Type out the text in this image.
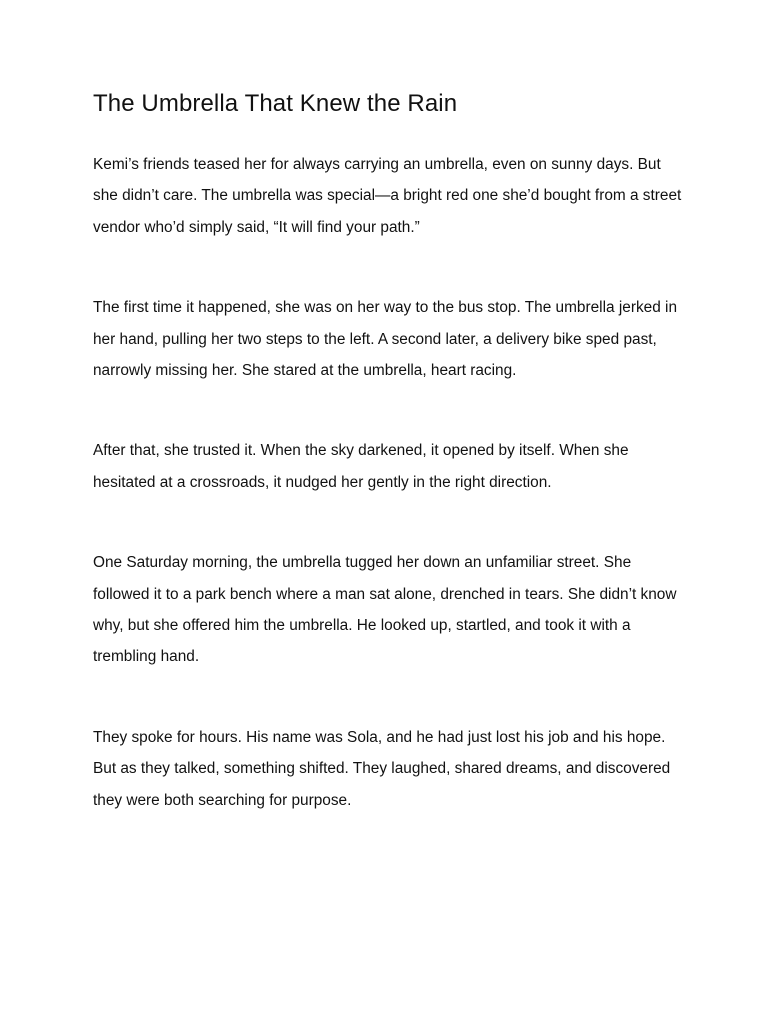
The Umbrella That Knew the Rain

Kemi’s friends teased her for always carrying an umbrella, even on sunny days. But she didn’t care. The umbrella was special—a bright red one she’d bought from a street vendor who’d simply said, “It will find your path.”

The first time it happened, she was on her way to the bus stop. The umbrella jerked in her hand, pulling her two steps to the left. A second later, a delivery bike sped past, narrowly missing her. She stared at the umbrella, heart racing.

After that, she trusted it. When the sky darkened, it opened by itself. When she hesitated at a crossroads, it nudged her gently in the right direction.

One Saturday morning, the umbrella tugged her down an unfamiliar street. She followed it to a park bench where a man sat alone, drenched in tears. She didn’t know why, but she offered him the umbrella. He looked up, startled, and took it with a trembling hand.

They spoke for hours. His name was Sola, and he had just lost his job and his hope. But as they talked, something shifted. They laughed, shared dreams, and discovered they were both searching for purpose.
